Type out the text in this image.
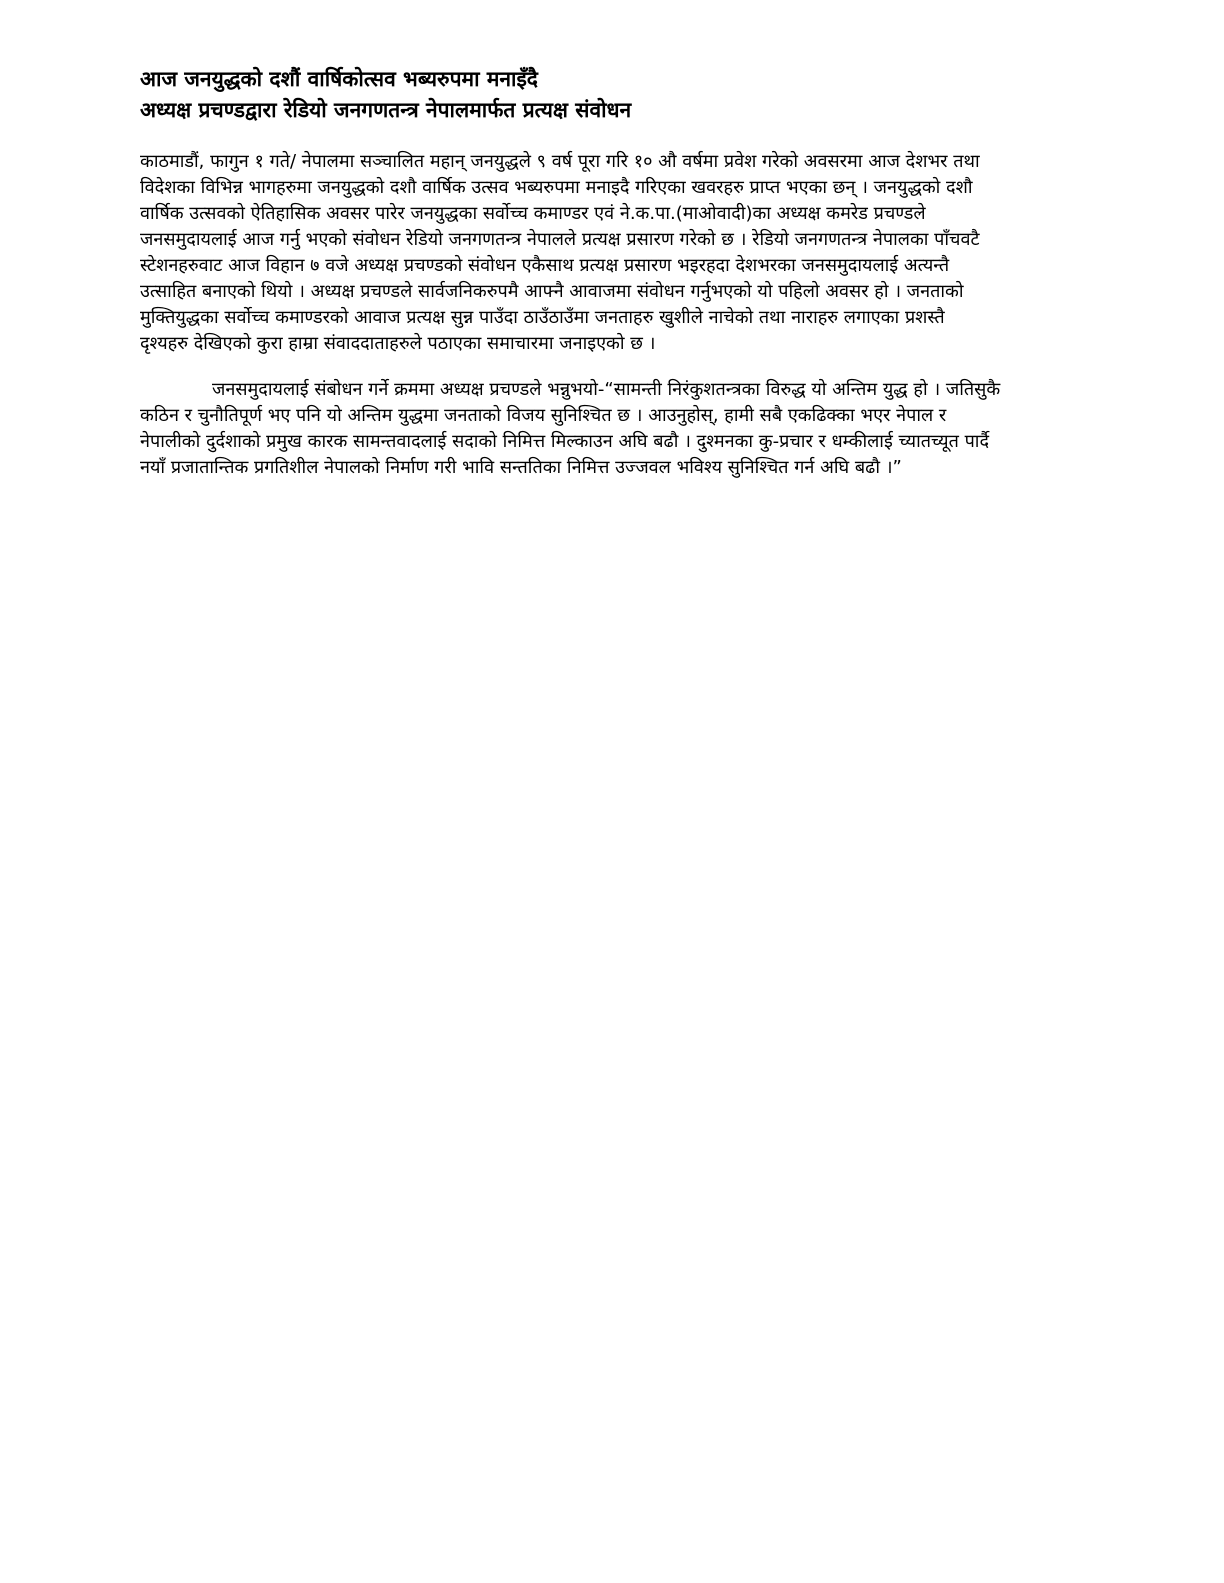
आज जनयुद्धको दशौं वार्षिकोत्सव भब्यरुपमा मनाइँदै
अध्यक्ष प्रचण्डद्वारा रेडियो जनगणतन्त्र नेपालमार्फत प्रत्यक्ष संवोधन
काठमाडौं, फागुन १ गते/ नेपालमा सञ्चालित महान् जनयुद्धले ९ वर्ष पूरा गरि १० औ वर्षमा प्रवेश गरेको अवसरमा आज देशभर तथा
विदेशका विभिन्न भागहरुमा जनयुद्धको दशौ वार्षिक उत्सव भब्यरुपमा मनाइदै गरिएका खवरहरु प्राप्त भएका छन् । जनयुद्धको दशौ
वार्षिक उत्सवको ऐतिहासिक अवसर पारेर जनयुद्धका सर्वोच्च कमाण्डर एवं ने.क.पा.(माओवादी)का अध्यक्ष कमरेड प्रचण्डले
जनसमुदायलाई आज गर्नु भएको संवोधन रेडियो जनगणतन्त्र नेपालले प्रत्यक्ष प्रसारण गरेको छ । रेडियो जनगणतन्त्र नेपालका पाँचवटै
स्टेशनहरुवाट आज विहान ७ वजे अध्यक्ष प्रचण्डको संवोधन एकैसाथ प्रत्यक्ष प्रसारण भइरहदा देशभरका जनसमुदायलाई अत्यन्तै
उत्साहित बनाएको थियो । अध्यक्ष प्रचण्डले सार्वजनिकरुपमै आफ्नै आवाजमा संवोधन गर्नुभएको यो पहिलो अवसर हो । जनताको
मुक्तियुद्धका सर्वोच्च कमाण्डरको आवाज प्रत्यक्ष सुन्न पाउँदा ठाउँठाउँमा जनताहरु खुशीले नाचेको तथा नाराहरु लगाएका प्रशस्तै
दृश्यहरु देखिएको कुरा हाम्रा संवाददाताहरुले पठाएका समाचारमा जनाइएको छ ।
जनसमुदायलाई संबोधन गर्ने क्रममा अध्यक्ष प्रचण्डले भन्नुभयो-“सामन्ती निरंकुशतन्त्रका विरुद्ध यो अन्तिम युद्ध हो । जतिसुकै
कठिन र चुनौतिपूर्ण भए पनि यो अन्तिम युद्धमा जनताको विजय सुनिश्चित छ । आउनुहोस्, हामी सबै एकढिक्का भएर नेपाल र
नेपालीको दुर्दशाको प्रमुख कारक सामन्तवादलाई सदाको निमित्त मिल्काउन अघि बढौ । दुश्मनका कु-प्रचार र धम्कीलाई च्यातच्यूत पार्दै
नयाँ प्रजातान्तिक प्रगतिशील नेपालको निर्माण गरी भावि सन्ततिका निमित्त उज्जवल भविश्य सुनिश्चित गर्न अघि बढौ ।”
